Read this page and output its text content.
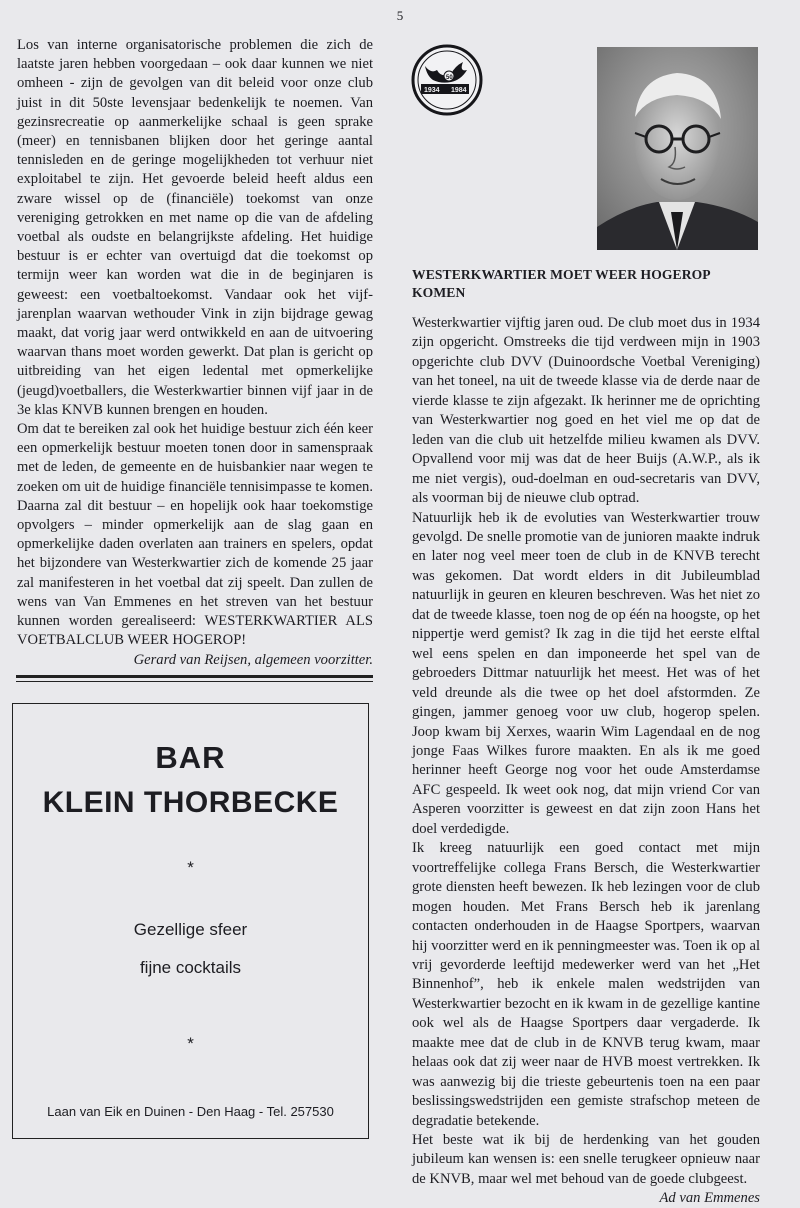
5

Los van interne organisatorische problemen die zich de laatste jaren hebben voorgedaan – ook daar kunnen we niet omheen - zijn de gevolgen van dit beleid voor onze club juist in dit 50ste levensjaar bedenkelijk te noemen. Van gezinsrecreatie op aanmerkelijke schaal is geen sprake (meer) en tennisbanen blijken door het geringe aantal tennisleden en de geringe mogelijkheden tot verhuur niet exploitabel te zijn. Het gevoerde beleid heeft aldus een zware wissel op de (financiële) toekomst van onze vereniging getrokken en met name op die van de afdeling voetbal als oudste en belangrijkste afdeling. Het huidige bestuur is er echter van overtuigd dat die toekomst op termijn weer kan worden wat die in de beginjaren is geweest: een voetbaltoekomst. Vandaar ook het vijf-jarenplan waarvan wethouder Vink in zijn bijdrage gewag maakt, dat vorig jaar werd ontwikkeld en aan de uitvoering waarvan thans moet worden gewerkt. Dat plan is gericht op uitbreiding van het eigen ledental met opmerkelijke (jeugd)voetballers, die Westerkwartier binnen vijf jaar in de 3e klas KNVB kunnen brengen en houden.

Om dat te bereiken zal ook het huidige bestuur zich één keer een opmerkelijk bestuur moeten tonen door in samenspraak met de leden, de gemeente en de huisbankier naar wegen te zoeken om uit de huidige financiële tennisimpasse te komen. Daarna zal dit bestuur – en hopelijk ook haar toekomstige opvolgers – minder opmerkelijk aan de slag gaan en opmerkelijke daden overlaten aan trainers en spelers, opdat het bijzondere van Westerkwartier zich de komende 25 jaar zal manifesteren in het voetbal dat zij speelt. Dan zullen de wens van Van Emmenes en het streven van het bestuur kunnen worden gerealiseerd: WESTERKWARTIER ALS VOETBALCLUB WEER HOGEROP!

Gerard van Reijsen, algemeen voorzitter.

BAR
KLEIN THORBECKE
*
Gezellige sfeer
fijne cocktails
*
Laan van Eik en Duinen - Den Haag - Tel. 257530
50
1934 1984
WESTERKWARTIER MOET WEER HOGEROP KOMEN

Westerkwartier vijftig jaren oud. De club moet dus in 1934 zijn opgericht. Omstreeks die tijd verdween mijn in 1903 opgerichte club DVV (Duinoordsche Voetbal Vereniging) van het toneel, na uit de tweede klasse via de derde naar de vierde klasse te zijn afgezakt. Ik herinner me de oprichting van Westerkwartier nog goed en het viel me op dat de leden van die club uit hetzelfde milieu kwamen als DVV. Opvallend voor mij was dat de heer Buijs (A.W.P., als ik me niet vergis), oud-doelman en oud-secretaris van DVV, als voorman bij de nieuwe club optrad.

Natuurlijk heb ik de evoluties van Westerkwartier trouw gevolgd. De snelle promotie van de junioren maakte indruk en later nog veel meer toen de club in de KNVB terecht was gekomen. Dat wordt elders in dit Jubileumblad natuurlijk in geuren en kleuren beschreven. Was het niet zo dat de tweede klasse, toen nog de op één na hoogste, op het nippertje werd gemist? Ik zag in die tijd het eerste elftal wel eens spelen en dan imponeerde het spel van de gebroeders Dittmar natuurlijk het meest. Het was of het veld dreunde als die twee op het doel afstormden. Ze gingen, jammer genoeg voor uw club, hogerop spelen. Joop kwam bij Xerxes, waarin Wim Lagendaal en de nog jonge Faas Wilkes furore maakten. En als ik me goed herinner heeft George nog voor het oude Amsterdamse AFC gespeeld. Ik weet ook nog, dat mijn vriend Cor van Asperen voorzitter is geweest en dat zijn zoon Hans het doel verdedigde.

Ik kreeg natuurlijk een goed contact met mijn voortreffelijke collega Frans Bersch, die Westerkwartier grote diensten heeft bewezen. Ik heb lezingen voor de club mogen houden. Met Frans Bersch heb ik jarenlang contacten onderhouden in de Haagse Sportpers, waarvan hij voorzitter werd en ik penningmeester was. Toen ik op al vrij gevorderde leeftijd medewerker werd van het „Het Binnenhof”, heb ik enkele malen wedstrijden van Westerkwartier bezocht en ik kwam in de gezellige kantine ook wel als de Haagse Sportpers daar vergaderde. Ik maakte mee dat de club in de KNVB terug kwam, maar helaas ook dat zij weer naar de HVB moest vertrekken. Ik was aanwezig bij die trieste gebeurtenis toen na een paar beslissingswedstrijden een gemiste strafschop meteen de degradatie betekende.

Het beste wat ik bij de herdenking van het gouden jubileum kan wensen is: een snelle terugkeer opnieuw naar de KNVB, maar wel met behoud van de goede clubgeest.

Ad van Emmenes
